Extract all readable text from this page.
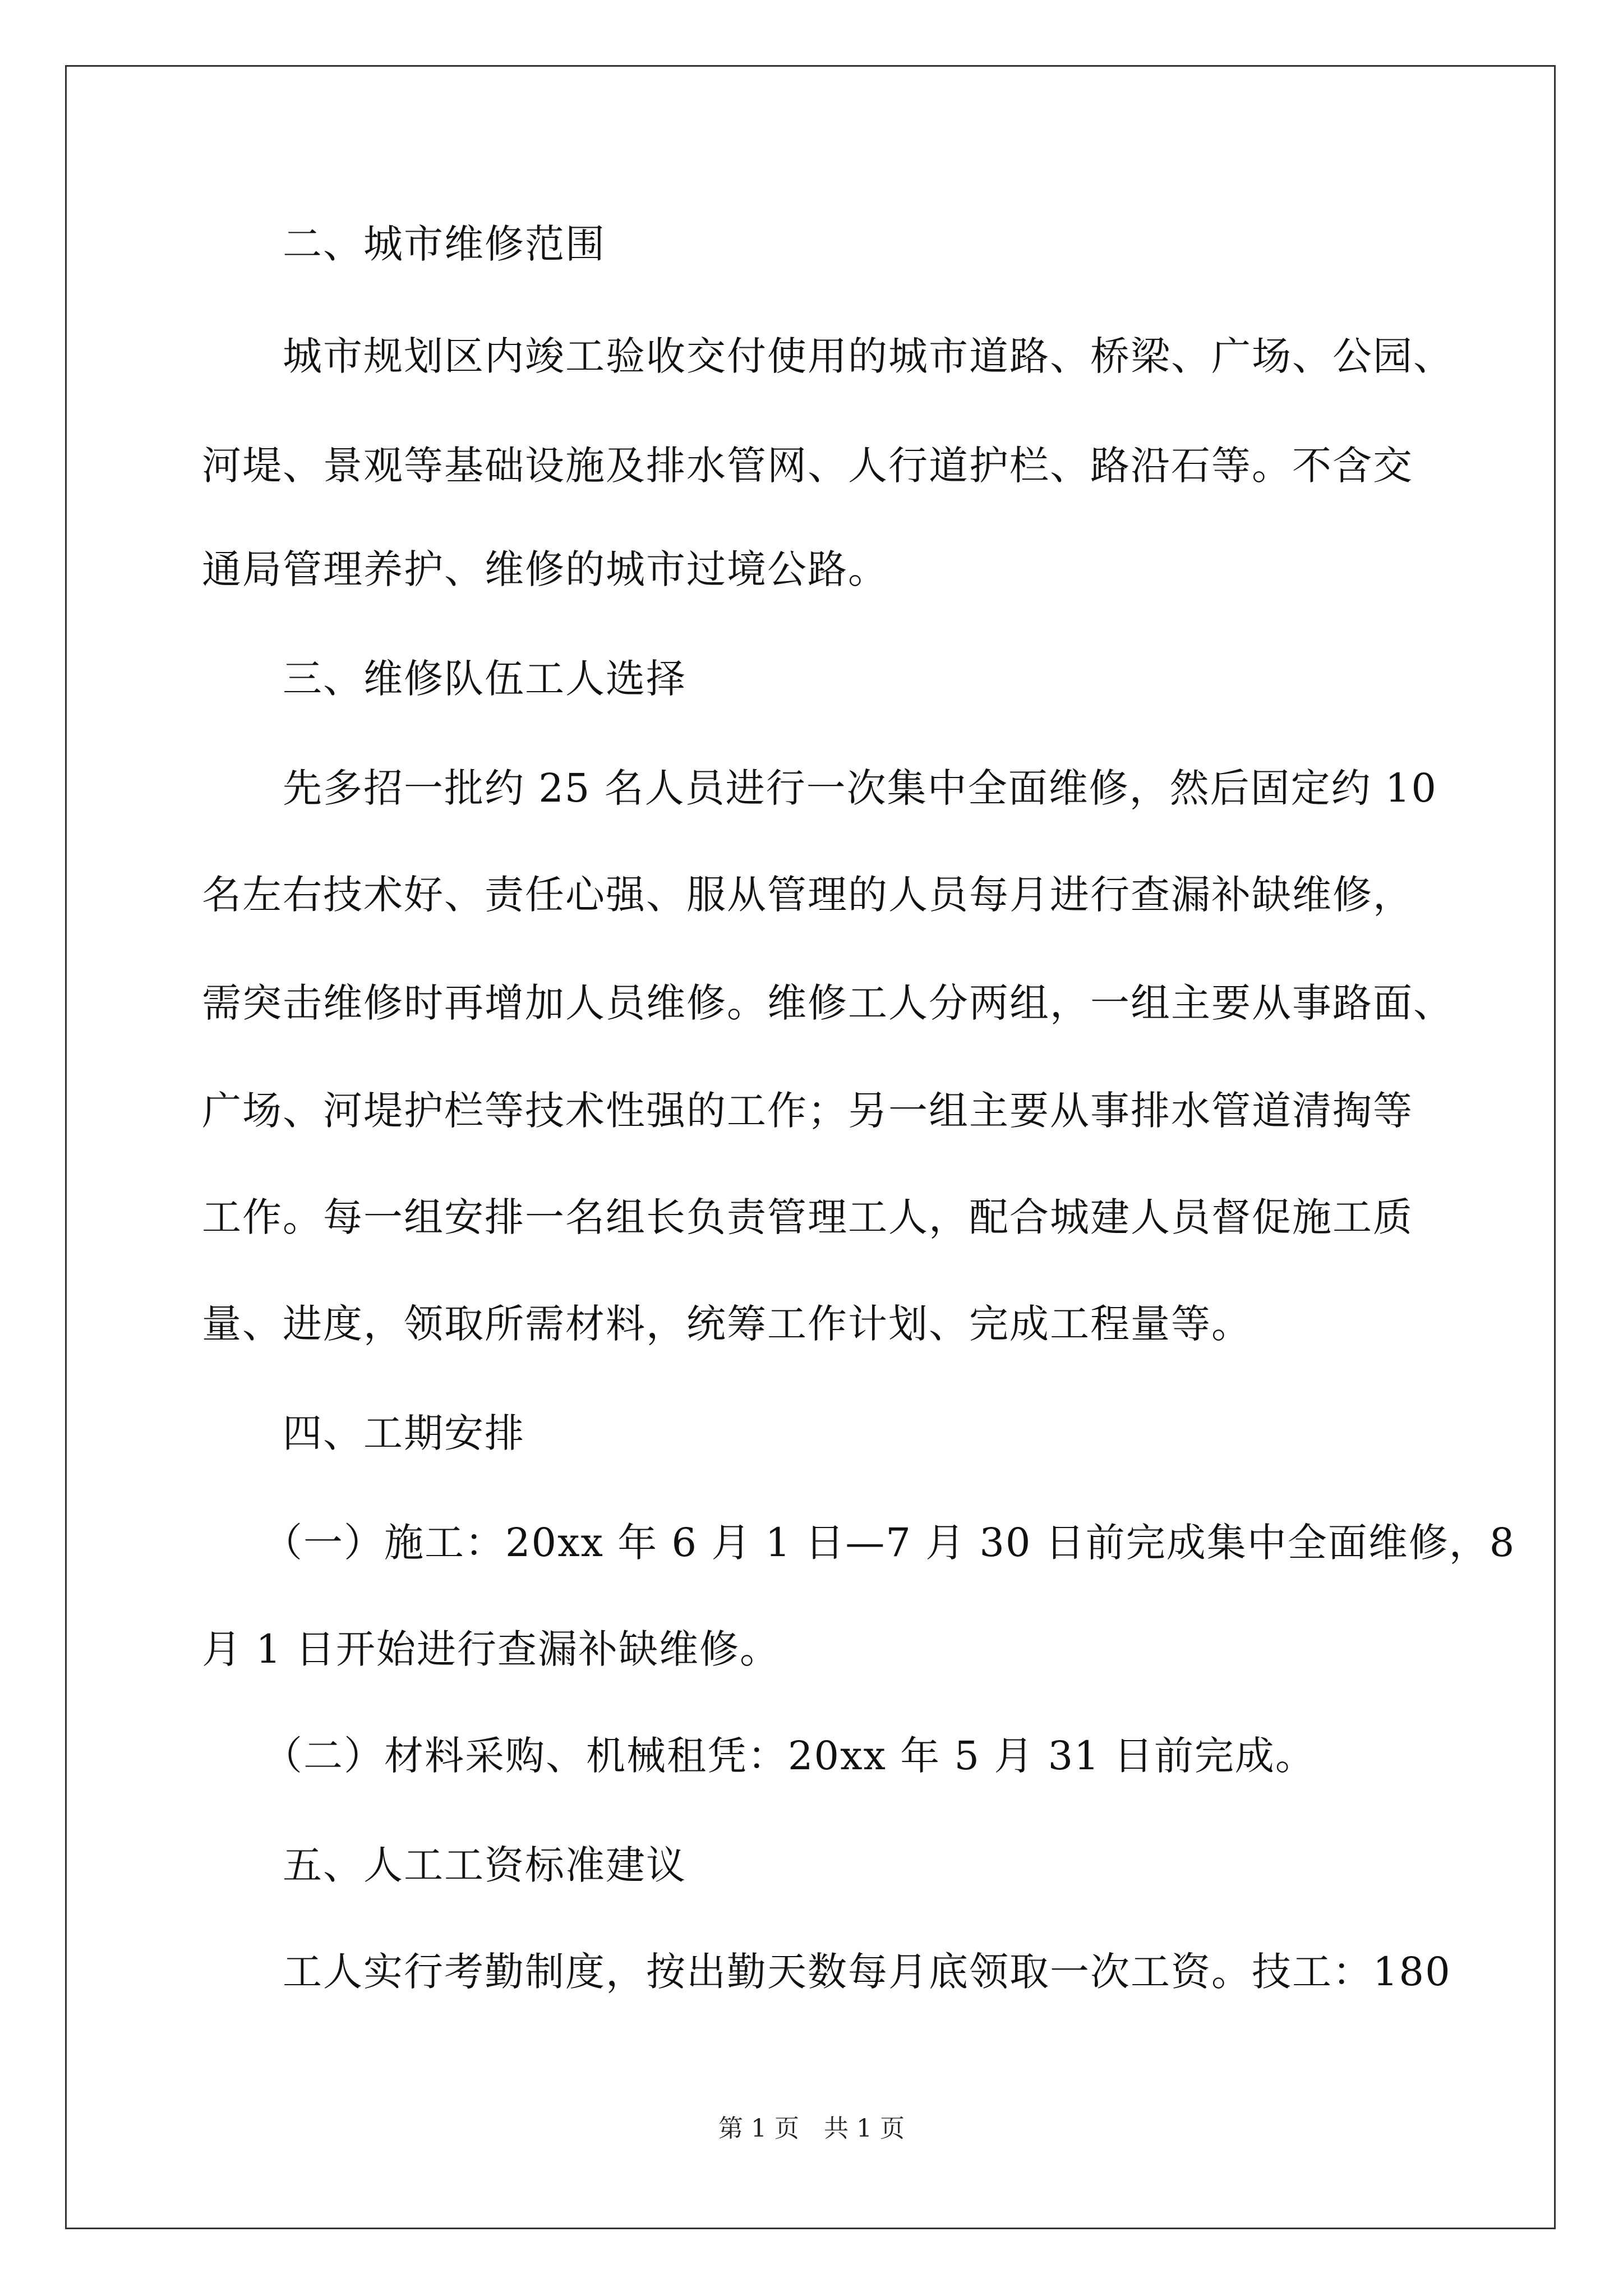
　　二、城市维修范围
　　城市规划区内竣工验收交付使用的城市道路、桥梁、广场、公园、
河堤、景观等基础设施及排水管网、人行道护栏、路沿石等。不含交
通局管理养护、维修的城市过境公路。
　　三、维修队伍工人选择
　　先多招一批约 25 名人员进行一次集中全面维修，然后固定约 10
名左右技术好、责任心强、服从管理的人员每月进行查漏补缺维修，
需突击维修时再增加人员维修。维修工人分两组，一组主要从事路面、
广场、河堤护栏等技术性强的工作；另一组主要从事排水管道清掏等
工作。每一组安排一名组长负责管理工人，配合城建人员督促施工质
量、进度，领取所需材料，统筹工作计划、完成工程量等。
　　四、工期安排
　　（一）施工：20xx 年 6 月 1 日—7 月 30 日前完成集中全面维修，8
月 1 日开始进行查漏补缺维修。
　　（二）材料采购、机械租凭：20xx 年 5 月 31 日前完成。
　　五、人工工资标准建议
　　工人实行考勤制度，按出勤天数每月底领取一次工资。技工：180
第 1 页　共 1 页
